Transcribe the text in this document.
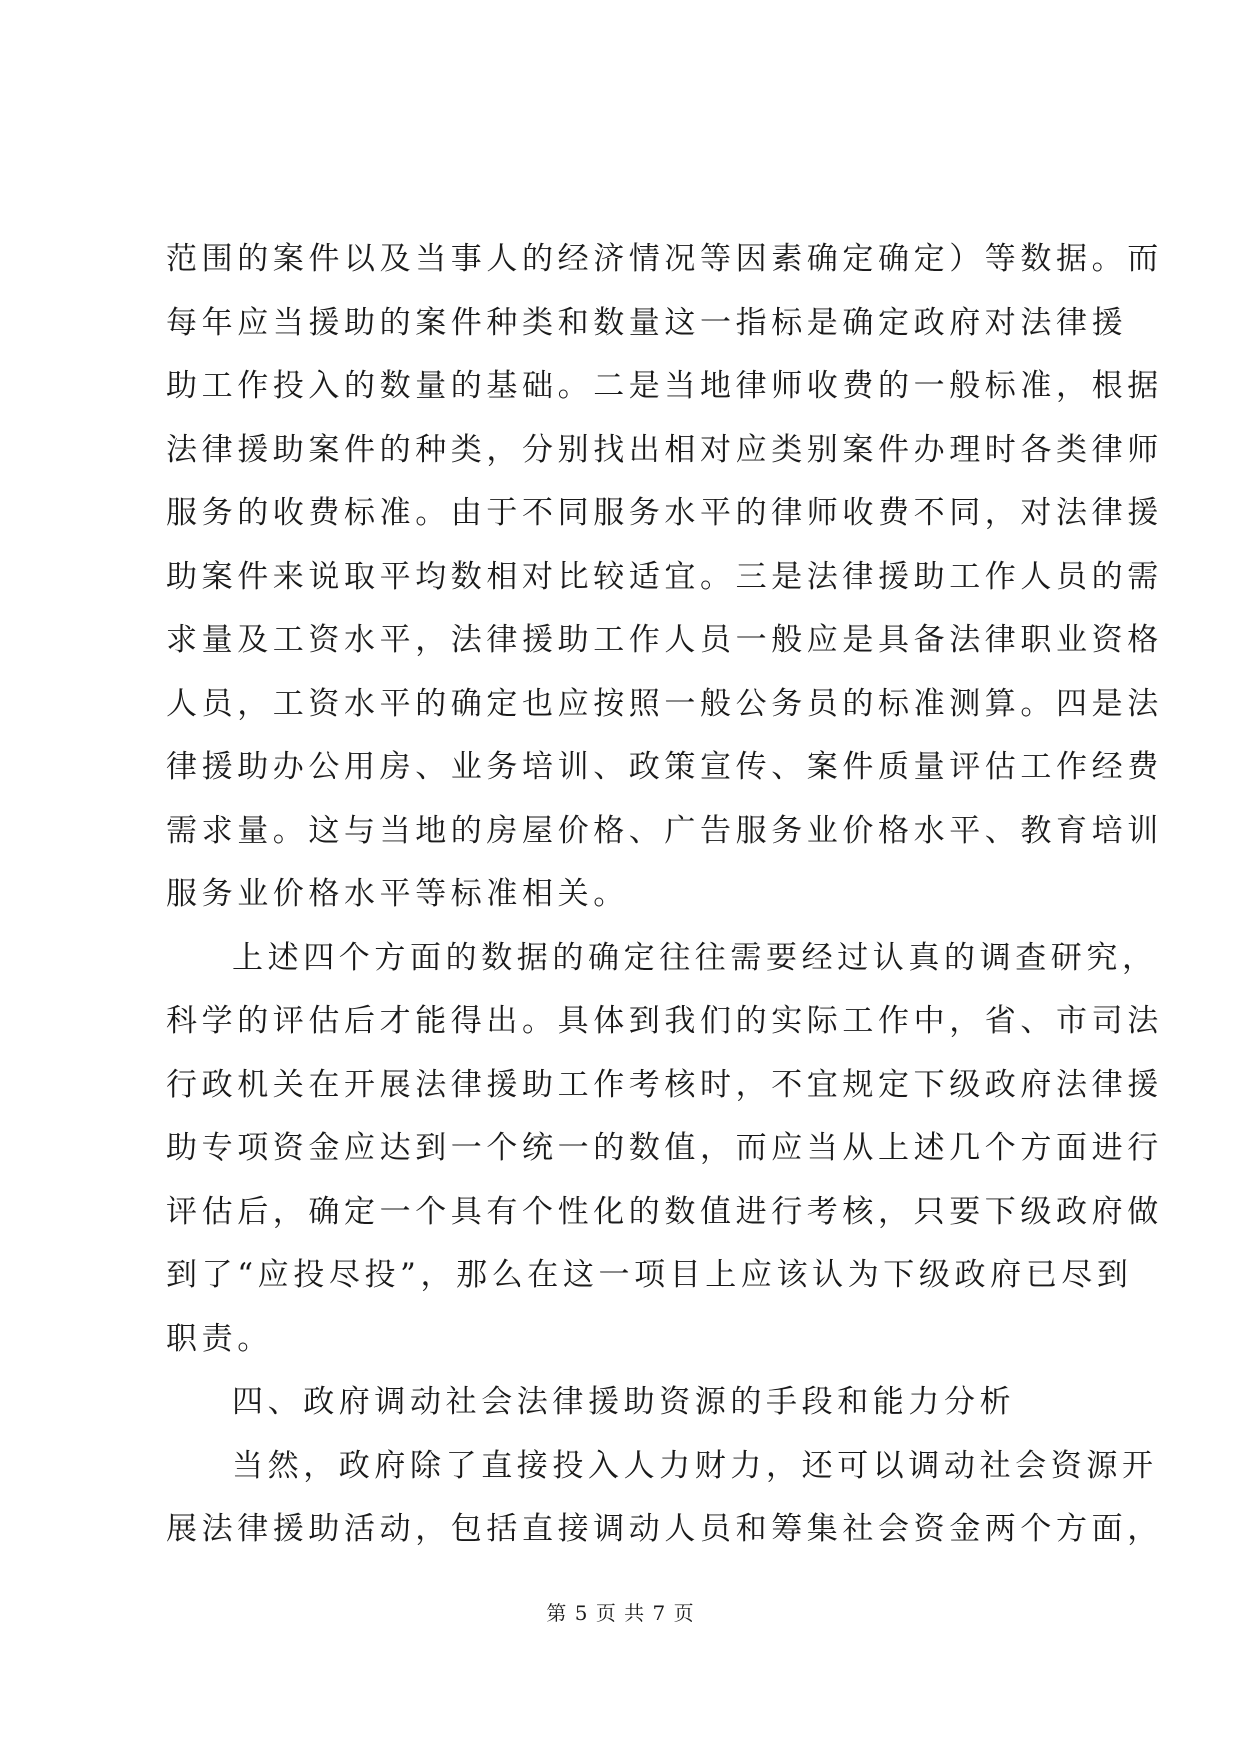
范围的案件以及当事人的经济情况等因素确定确定）等数据。而
每年应当援助的案件种类和数量这一指标是确定政府对法律援
助工作投入的数量的基础。二是当地律师收费的一般标准，根据
法律援助案件的种类，分别找出相对应类别案件办理时各类律师
服务的收费标准。由于不同服务水平的律师收费不同，对法律援
助案件来说取平均数相对比较适宜。三是法律援助工作人员的需
求量及工资水平，法律援助工作人员一般应是具备法律职业资格
人员，工资水平的确定也应按照一般公务员的标准测算。四是法
律援助办公用房、业务培训、政策宣传、案件质量评估工作经费
需求量。这与当地的房屋价格、广告服务业价格水平、教育培训
服务业价格水平等标准相关。
上述四个方面的数据的确定往往需要经过认真的调查研究，
科学的评估后才能得出。具体到我们的实际工作中，省、市司法
行政机关在开展法律援助工作考核时，不宜规定下级政府法律援
助专项资金应达到一个统一的数值，而应当从上述几个方面进行
评估后，确定一个具有个性化的数值进行考核，只要下级政府做
到了“应投尽投”，那么在这一项目上应该认为下级政府已尽到
职责。
四、政府调动社会法律援助资源的手段和能力分析
当然，政府除了直接投入人力财力，还可以调动社会资源开
展法律援助活动，包括直接调动人员和筹集社会资金两个方面，
第 5 页 共 7 页
